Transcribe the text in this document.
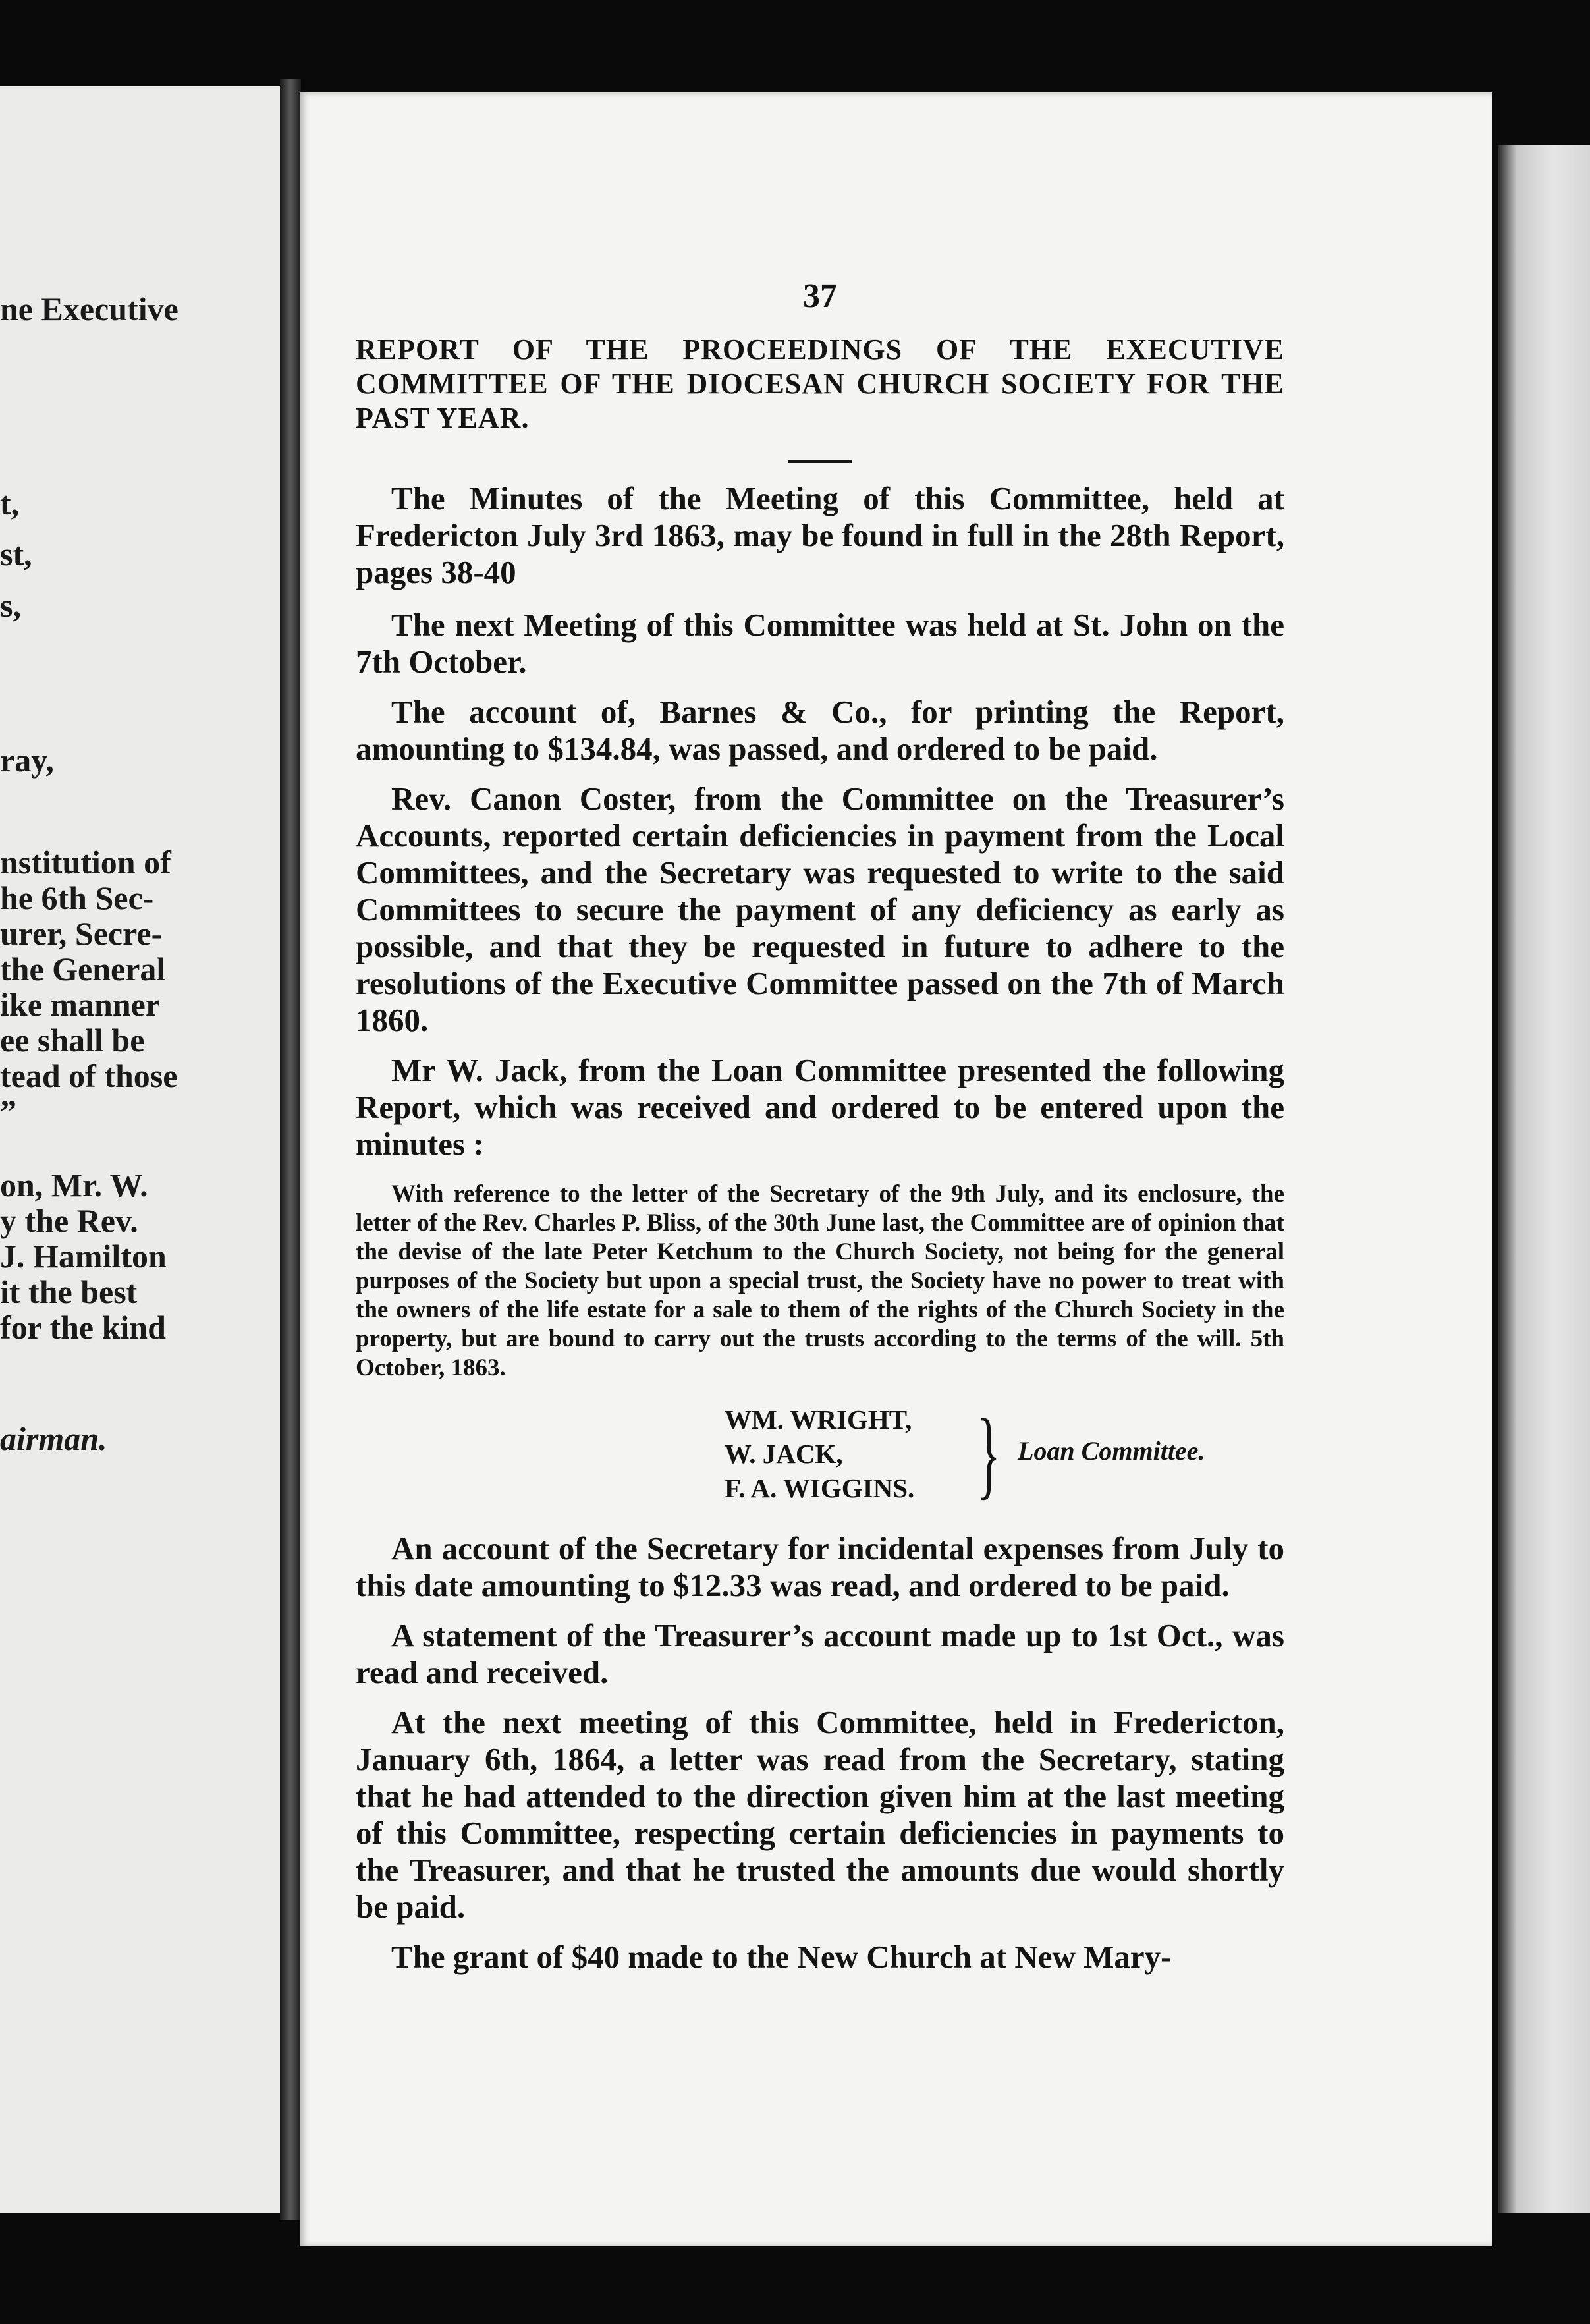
ne Executive
t,
st,
s,
ray,
nstitution of
he 6th Sec-
urer, Secre-
the General
ike manner
ee shall be
tead of those
”
on, Mr. W.
y the Rev.
J. Hamilton
it the best
for the kind
airman.
37
REPORT OF THE PROCEEDINGS OF THE EXECUTIVE COMMITTEE OF THE DIOCESAN CHURCH SOCIETY FOR THE PAST YEAR.

The Minutes of the Meeting of this Committee, held at Fredericton July 3rd 1863, may be found in full in the 28th Report, pages 38-40

The next Meeting of this Committee was held at St. John on the 7th October.

The account of, Barnes & Co., for printing the Report, amounting to $134.84, was passed, and ordered to be paid.

Rev. Canon Coster, from the Committee on the Treasurer’s Accounts, reported certain deficiencies in payment from the Local Committees, and the Secretary was requested to write to the said Committees to secure the payment of any deficiency as early as possible, and that they be requested in future to adhere to the resolutions of the Executive Committee passed on the 7th of March 1860.

Mr W. Jack, from the Loan Committee presented the following Report, which was received and ordered to be entered upon the minutes :

With reference to the letter of the Secretary of the 9th July, and its enclosure, the letter of the Rev. Charles P. Bliss, of the 30th June last, the Committee are of opinion that the devise of the late Peter Ketchum to the Church Society, not being for the general purposes of the Society but upon a special trust, the Society have no power to treat with the owners of the life estate for a sale to them of the rights of the Church Society in the property, but are bound to carry out the trusts according to the terms of the will. 5th October, 1863.

WM. WRIGHT,
W. JACK,
F. A. WIGGINS. } Loan Committee.

An account of the Secretary for incidental expenses from July to this date amounting to $12.33 was read, and ordered to be paid.

A statement of the Treasurer’s account made up to 1st Oct., was read and received.

At the next meeting of this Committee, held in Fredericton, January 6th, 1864, a letter was read from the Secretary, stating that he had attended to the direction given him at the last meeting of this Committee, respecting certain deficiencies in payments to the Treasurer, and that he trusted the amounts due would shortly be paid.

The grant of $40 made to the New Church at New Mary-
